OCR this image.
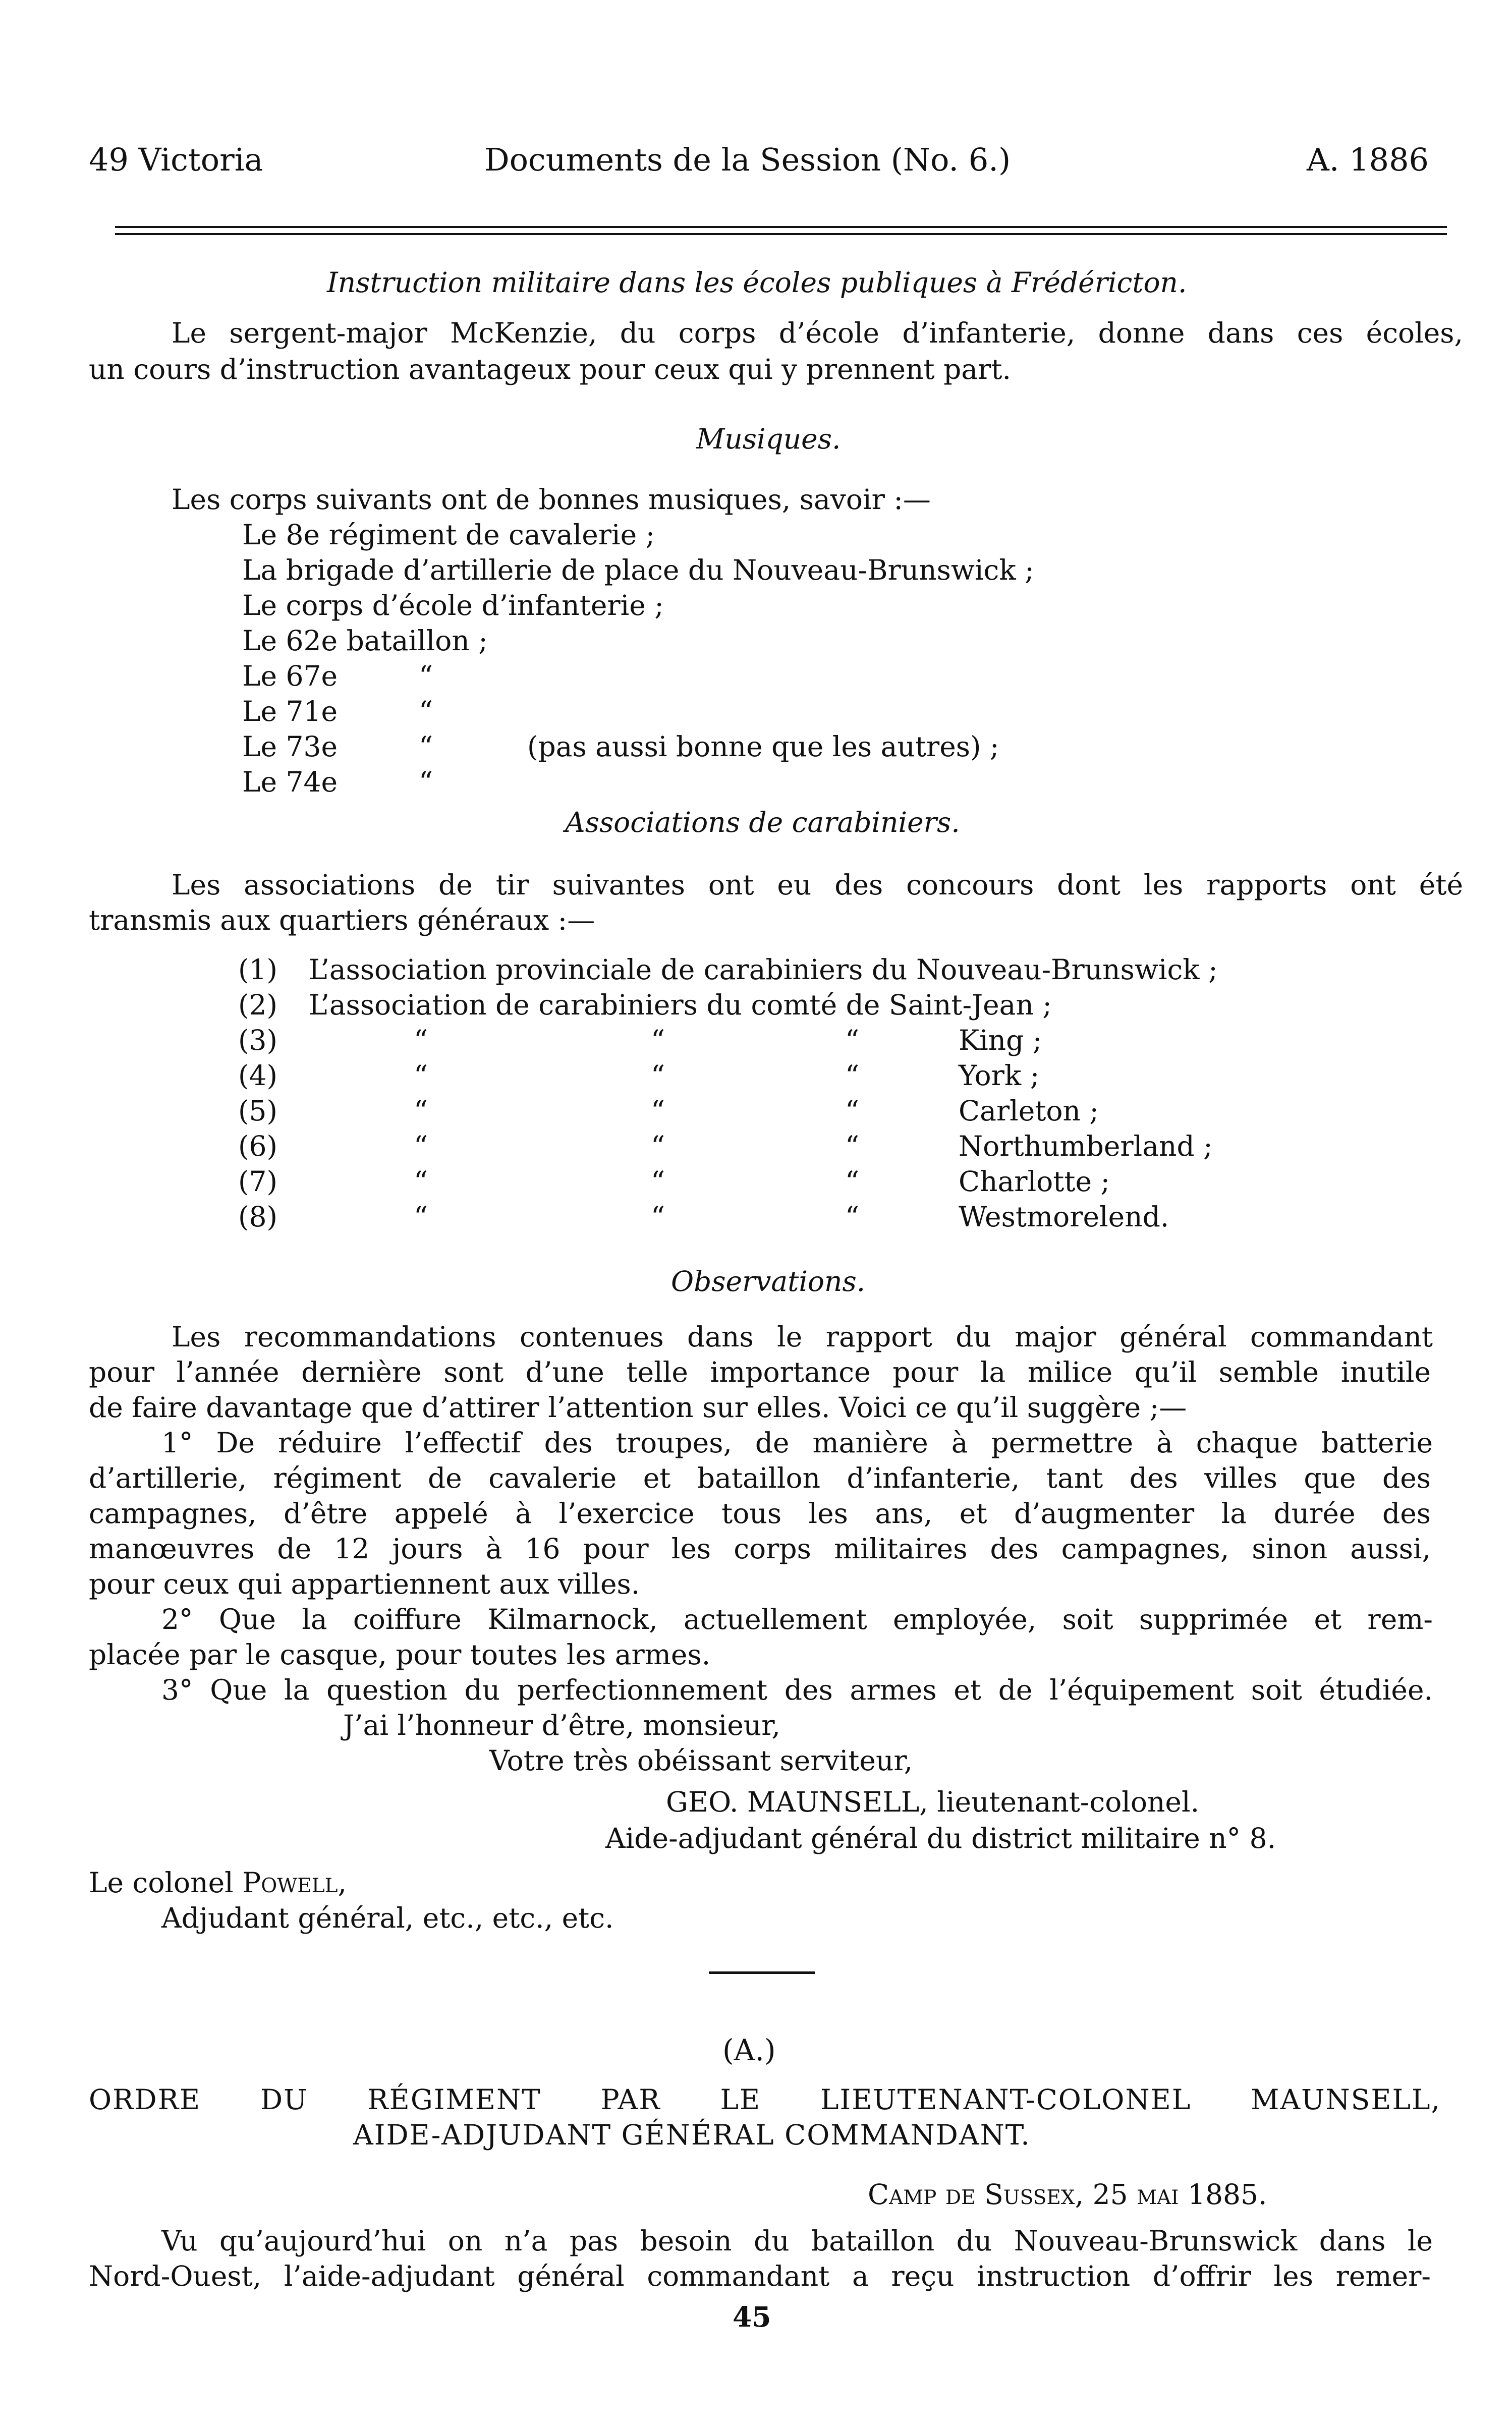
49 Victoria	Documents de la Session (No. 6.)	A. 1886
Instruction militaire dans les écoles publiques à Frédéricton.
Le sergent-major McKenzie, du corps d’école d’infanterie, donne dans ces écoles,
un cours d’instruction avantageux pour ceux qui y prennent part.
Musiques.
Les corps suivants ont de bonnes musiques, savoir :—
Le 8e régiment de cavalerie ;
La brigade d’artillerie de place du Nouveau-Brunswick ;
Le corps d’école d’infanterie ;
Le 62e bataillon ;
Le 67e	“
Le 71e	“
Le 73e	“	(pas aussi bonne que les autres) ;
Le 74e	“
Associations de carabiniers.
Les associations de tir suivantes ont eu des concours dont les rapports ont été
transmis aux quartiers généraux :—
(1) L’association provinciale de carabiniers du Nouveau-Brunswick ;
(2) L’association de carabiniers du comté de Saint-Jean ;
(3)	“	“	“	King ;
(4)	“	“	“	York ;
(5)	“	“	“	Carleton ;
(6)	“	“	“	Northumberland ;
(7)	“	“	“	Charlotte ;
(8)	“	“	“	Westmorelend.
Observations.
Les recommandations contenues dans le rapport du major général commandant
pour l’année dernière sont d’une telle importance pour la milice qu’il semble inutile
de faire davantage que d’attirer l’attention sur elles. Voici ce qu’il suggère ;—
1° De réduire l’effectif des troupes, de manière à permettre à chaque batterie
d’artillerie, régiment de cavalerie et bataillon d’infanterie, tant des villes que des
campagnes, d’être appelé à l’exercice tous les ans, et d’augmenter la durée des
manœuvres de 12 jours à 16 pour les corps militaires des campagnes, sinon aussi,
pour ceux qui appartiennent aux villes.
2° Que la coiffure Kilmarnock, actuellement employée, soit supprimée et rem-
placée par le casque, pour toutes les armes.
3° Que la question du perfectionnement des armes et de l’équipement soit étudiée.
J’ai l’honneur d’être, monsieur,
Votre très obéissant serviteur,
GEO. MAUNSELL, lieutenant-colonel.
Aide-adjudant général du district militaire n° 8.
Le colonel Powell,
Adjudant général, etc., etc., etc.
(A.)
ORDRE DU RÉGIMENT PAR LE LIEUTENANT-COLONEL MAUNSELL,
AIDE-ADJUDANT GÉNÉRAL COMMANDANT.
Camp de Sussex, 25 mai 1885.
Vu qu’aujourd’hui on n’a pas besoin du bataillon du Nouveau-Brunswick dans le
Nord-Ouest, l’aide-adjudant général commandant a reçu instruction d’offrir les remer-
45
